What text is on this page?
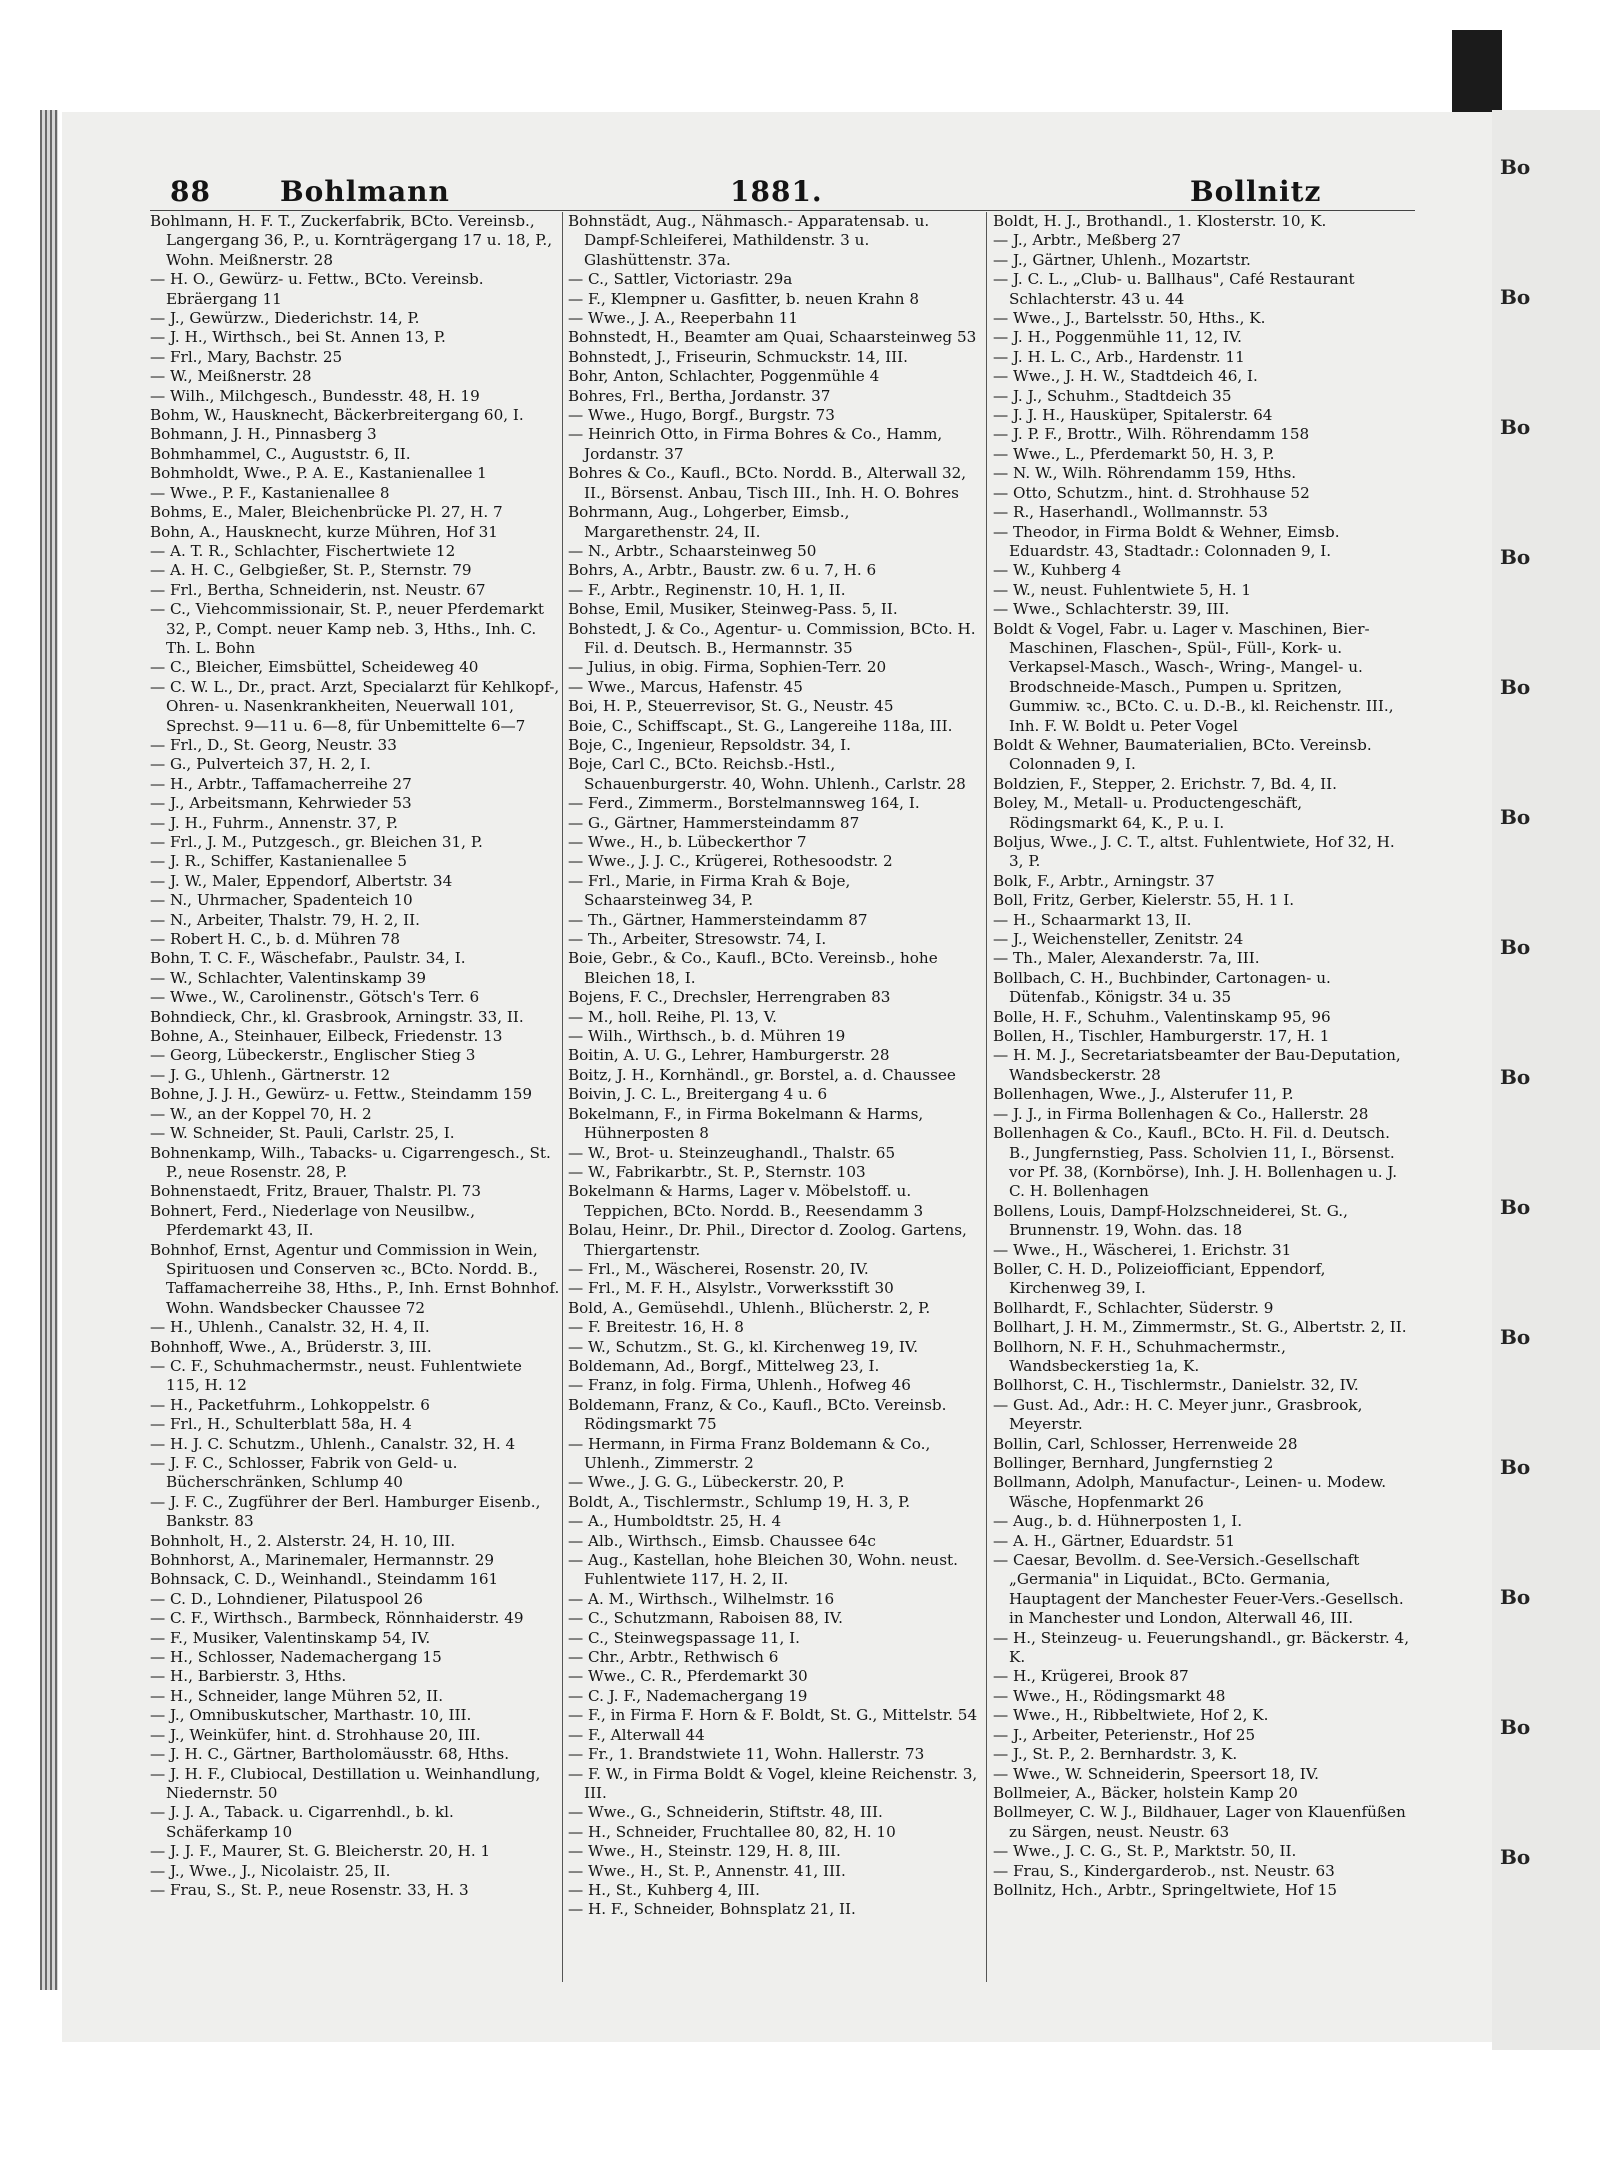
Bo
Bo
Bo
Bo
Bo
Bo
Bo
Bo
Bo
Bo
Bo
Bo
Bo
Bo
88 Bohlmann	1881.	Bollnitz
Bohlmann, H. F. T., Zuckerfabrik, BCto. Vereinsb., Langergang 36, P., u. Kornträgergang 17 u. 18, P., Wohn. Meißnerstr. 28
— H. O., Gewürz- u. Fettw., BCto. Vereinsb. Ebräergang 11
— J., Gewürzw., Diederichstr. 14, P.
— J. H., Wirthsch., bei St. Annen 13, P.
— Frl., Mary, Bachstr. 25
— W., Meißnerstr. 28
— Wilh., Milchgesch., Bundesstr. 48, H. 19
Bohm, W., Hausknecht, Bäckerbreitergang 60, I.
Bohmann, J. H., Pinnasberg 3
Bohmhammel, C., Auguststr. 6, II.
Bohmholdt, Wwe., P. A. E., Kastanienallee 1
— Wwe., P. F., Kastanienallee 8
Bohms, E., Maler, Bleichenbrücke Pl. 27, H. 7
Bohn, A., Hausknecht, kurze Mühren, Hof 31
— A. T. R., Schlachter, Fischertwiete 12
— A. H. C., Gelbgießer, St. P., Sternstr. 79
— Frl., Bertha, Schneiderin, nst. Neustr. 67
— C., Viehcommissionair, St. P., neuer Pferdemarkt 32, P., Compt. neuer Kamp neb. 3, Hths., Inh. C. Th. L. Bohn
— C., Bleicher, Eimsbüttel, Scheideweg 40
— C. W. L., Dr., pract. Arzt, Specialarzt für Kehlkopf-, Ohren- u. Nasenkrankheiten, Neuerwall 101, Sprechst. 9—11 u. 6—8, für Unbemittelte 6—7
— Frl., D., St. Georg, Neustr. 33
— G., Pulverteich 37, H. 2, I.
— H., Arbtr., Taffamacherreihe 27
— J., Arbeitsmann, Kehrwieder 53
— J. H., Fuhrm., Annenstr. 37, P.
— Frl., J. M., Putzgesch., gr. Bleichen 31, P.
— J. R., Schiffer, Kastanienallee 5
— J. W., Maler, Eppendorf, Albertstr. 34
— N., Uhrmacher, Spadenteich 10
— N., Arbeiter, Thalstr. 79, H. 2, II.
— Robert H. C., b. d. Mühren 78
Bohn, T. C. F., Wäschefabr., Paulstr. 34, I.
— W., Schlachter, Valentinskamp 39
— Wwe., W., Carolinenstr., Götsch's Terr. 6
Bohndieck, Chr., kl. Grasbrook, Arningstr. 33, II.
Bohne, A., Steinhauer, Eilbeck, Friedenstr. 13
— Georg, Lübeckerstr., Englischer Stieg 3
— J. G., Uhlenh., Gärtnerstr. 12
Bohne, J. J. H., Gewürz- u. Fettw., Steindamm 159
— W., an der Koppel 70, H. 2
— W. Schneider, St. Pauli, Carlstr. 25, I.
Bohnenkamp, Wilh., Tabacks- u. Cigarrengesch., St. P., neue Rosenstr. 28, P.
Bohnenstaedt, Fritz, Brauer, Thalstr. Pl. 73
Bohnert, Ferd., Niederlage von Neusilbw., Pferdemarkt 43, II.
Bohnhof, Ernst, Agentur und Commission in Wein, Spirituosen und Conserven ꝛc., BCto. Nordd. B., Taffamacherreihe 38, Hths., P., Inh. Ernst Bohnhof. Wohn. Wandsbecker Chaussee 72
— H., Uhlenh., Canalstr. 32, H. 4, II.
Bohnhoff, Wwe., A., Brüderstr. 3, III.
— C. F., Schuhmachermstr., neust. Fuhlentwiete 115, H. 12
— H., Packetfuhrm., Lohkoppelstr. 6
— Frl., H., Schulterblatt 58a, H. 4
— H. J. C. Schutzm., Uhlenh., Canalstr. 32, H. 4
— J. F. C., Schlosser, Fabrik von Geld- u. Bücherschränken, Schlump 40
— J. F. C., Zugführer der Berl. Hamburger Eisenb., Bankstr. 83
Bohnholt, H., 2. Alsterstr. 24, H. 10, III.
Bohnhorst, A., Marinemaler, Hermannstr. 29
Bohnsack, C. D., Weinhandl., Steindamm 161
— C. D., Lohndiener, Pilatuspool 26
— C. F., Wirthsch., Barmbeck, Rönnhaiderstr. 49
— F., Musiker, Valentinskamp 54, IV.
— H., Schlosser, Nademachergang 15
— H., Barbierstr. 3, Hths.
— H., Schneider, lange Mühren 52, II.
— J., Omnibuskutscher, Marthastr. 10, III.
— J., Weinküfer, hint. d. Strohhause 20, III.
— J. H. C., Gärtner, Bartholomäusstr. 68, Hths.
— J. H. F., Clubiocal, Destillation u. Weinhandlung, Niedernstr. 50
— J. J. A., Taback. u. Cigarrenhdl., b. kl. Schäferkamp 10
— J. J. F., Maurer, St. G. Bleicherstr. 20, H. 1
— J., Wwe., J., Nicolaistr. 25, II.
— Frau, S., St. P., neue Rosenstr. 33, H. 3
Bohnstädt, Aug., Nähmasch.- Apparatensab. u. Dampf-Schleiferei, Mathildenstr. 3 u. Glashüttenstr. 37a.
— C., Sattler, Victoriastr. 29a
— F., Klempner u. Gasfitter, b. neuen Krahn 8
— Wwe., J. A., Reeperbahn 11
Bohnstedt, H., Beamter am Quai, Schaarsteinweg 53
Bohnstedt, J., Friseurin, Schmuckstr. 14, III.
Bohr, Anton, Schlachter, Poggenmühle 4
Bohres, Frl., Bertha, Jordanstr. 37
— Wwe., Hugo, Borgf., Burgstr. 73
— Heinrich Otto, in Firma Bohres & Co., Hamm, Jordanstr. 37
Bohres & Co., Kaufl., BCto. Nordd. B., Alterwall 32, II., Börsenst. Anbau, Tisch III., Inh. H. O. Bohres
Bohrmann, Aug., Lohgerber, Eimsb., Margarethenstr. 24, II.
— N., Arbtr., Schaarsteinweg 50
Bohrs, A., Arbtr., Baustr. zw. 6 u. 7, H. 6
— F., Arbtr., Reginenstr. 10, H. 1, II.
Bohse, Emil, Musiker, Steinweg-Pass. 5, II.
Bohstedt, J. & Co., Agentur- u. Commission, BCto. H. Fil. d. Deutsch. B., Hermannstr. 35
— Julius, in obig. Firma, Sophien-Terr. 20
— Wwe., Marcus, Hafenstr. 45
Boi, H. P., Steuerrevisor, St. G., Neustr. 45
Boie, C., Schiffscapt., St. G., Langereihe 118a, III.
Boje, C., Ingenieur, Repsoldstr. 34, I.
Boje, Carl C., BCto. Reichsb.-Hstl., Schauenburgerstr. 40, Wohn. Uhlenh., Carlstr. 28
— Ferd., Zimmerm., Borstelmannsweg 164, I.
— G., Gärtner, Hammersteindamm 87
— Wwe., H., b. Lübeckerthor 7
— Wwe., J. J. C., Krügerei, Rothesoodstr. 2
— Frl., Marie, in Firma Krah & Boje, Schaarsteinweg 34, P.
— Th., Gärtner, Hammersteindamm 87
— Th., Arbeiter, Stresowstr. 74, I.
Boie, Gebr., & Co., Kaufl., BCto. Vereinsb., hohe Bleichen 18, I.
Bojens, F. C., Drechsler, Herrengraben 83
— M., holl. Reihe, Pl. 13, V.
— Wilh., Wirthsch., b. d. Mühren 19
Boitin, A. U. G., Lehrer, Hamburgerstr. 28
Boitz, J. H., Kornhändl., gr. Borstel, a. d. Chaussee
Boivin, J. C. L., Breitergang 4 u. 6
Bokelmann, F., in Firma Bokelmann & Harms, Hühnerposten 8
— W., Brot- u. Steinzeughandl., Thalstr. 65
— W., Fabrikarbtr., St. P., Sternstr. 103
Bokelmann & Harms, Lager v. Möbelstoff. u. Teppichen, BCto. Nordd. B., Reesendamm 3
Bolau, Heinr., Dr. Phil., Director d. Zoolog. Gartens, Thiergartenstr.
— Frl., M., Wäscherei, Rosenstr. 20, IV.
— Frl., M. F. H., Alsylstr., Vorwerksstift 30
Bold, A., Gemüsehdl., Uhlenh., Blücherstr. 2, P.
— F. Breitestr. 16, H. 8
— W., Schutzm., St. G., kl. Kirchenweg 19, IV.
Boldemann, Ad., Borgf., Mittelweg 23, I.
— Franz, in folg. Firma, Uhlenh., Hofweg 46
Boldemann, Franz, & Co., Kaufl., BCto. Vereinsb. Rödingsmarkt 75
— Hermann, in Firma Franz Boldemann & Co., Uhlenh., Zimmerstr. 2
— Wwe., J. G. G., Lübeckerstr. 20, P.
Boldt, A., Tischlermstr., Schlump 19, H. 3, P.
— A., Humboldtstr. 25, H. 4
— Alb., Wirthsch., Eimsb. Chaussee 64c
— Aug., Kastellan, hohe Bleichen 30, Wohn. neust. Fuhlentwiete 117, H. 2, II.
— A. M., Wirthsch., Wilhelmstr. 16
— C., Schutzmann, Raboisen 88, IV.
— C., Steinwegspassage 11, I.
— Chr., Arbtr., Rethwisch 6
— Wwe., C. R., Pferdemarkt 30
— C. J. F., Nademachergang 19
— F., in Firma F. Horn & F. Boldt, St. G., Mittelstr. 54
— F., Alterwall 44
— Fr., 1. Brandstwiete 11, Wohn. Hallerstr. 73
— F. W., in Firma Boldt & Vogel, kleine Reichenstr. 3, III.
— Wwe., G., Schneiderin, Stiftstr. 48, III.
— H., Schneider, Fruchtallee 80, 82, H. 10
— Wwe., H., Steinstr. 129, H. 8, III.
— Wwe., H., St. P., Annenstr. 41, III.
— H., St., Kuhberg 4, III.
— H. F., Schneider, Bohnsplatz 21, II.
Boldt, H. J., Brothandl., 1. Klosterstr. 10, K.
— J., Arbtr., Meßberg 27
— J., Gärtner, Uhlenh., Mozartstr.
— J. C. L., „Club- u. Ballhaus", Café Restaurant Schlachterstr. 43 u. 44
— Wwe., J., Bartelsstr. 50, Hths., K.
— J. H., Poggenmühle 11, 12, IV.
— J. H. L. C., Arb., Hardenstr. 11
— Wwe., J. H. W., Stadtdeich 46, I.
— J. J., Schuhm., Stadtdeich 35
— J. J. H., Hausküper, Spitalerstr. 64
— J. P. F., Brottr., Wilh. Röhrendamm 158
— Wwe., L., Pferdemarkt 50, H. 3, P.
— N. W., Wilh. Röhrendamm 159, Hths.
— Otto, Schutzm., hint. d. Strohhause 52
— R., Haserhandl., Wollmannstr. 53
— Theodor, in Firma Boldt & Wehner, Eimsb. Eduardstr. 43, Stadtadr.: Colonnaden 9, I.
— W., Kuhberg 4
— W., neust. Fuhlentwiete 5, H. 1
— Wwe., Schlachterstr. 39, III.
Boldt & Vogel, Fabr. u. Lager v. Maschinen, Bier-Maschinen, Flaschen-, Spül-, Füll-, Kork- u. Verkapsel-Masch., Wasch-, Wring-, Mangel- u. Brodschneide-Masch., Pumpen u. Spritzen, Gummiw. ꝛc., BCto. C. u. D.-B., kl. Reichenstr. III., Inh. F. W. Boldt u. Peter Vogel
Boldt & Wehner, Baumaterialien, BCto. Vereinsb. Colonnaden 9, I.
Boldzien, F., Stepper, 2. Erichstr. 7, Bd. 4, II.
Boley, M., Metall- u. Productengeschäft, Rödingsmarkt 64, K., P. u. I.
Boljus, Wwe., J. C. T., altst. Fuhlentwiete, Hof 32, H. 3, P.
Bolk, F., Arbtr., Arningstr. 37
Boll, Fritz, Gerber, Kielerstr. 55, H. 1 I.
— H., Schaarmarkt 13, II.
— J., Weichensteller, Zenitstr. 24
— Th., Maler, Alexanderstr. 7a, III.
Bollbach, C. H., Buchbinder, Cartonagen- u. Dütenfab., Königstr. 34 u. 35
Bolle, H. F., Schuhm., Valentinskamp 95, 96
Bollen, H., Tischler, Hamburgerstr. 17, H. 1
— H. M. J., Secretariatsbeamter der Bau-Deputation, Wandsbeckerstr. 28
Bollenhagen, Wwe., J., Alsterufer 11, P.
— J. J., in Firma Bollenhagen & Co., Hallerstr. 28
Bollenhagen & Co., Kaufl., BCto. H. Fil. d. Deutsch. B., Jungfernstieg, Pass. Scholvien 11, I., Börsenst. vor Pf. 38, (Kornbörse), Inh. J. H. Bollenhagen u. J. C. H. Bollenhagen
Bollens, Louis, Dampf-Holzschneiderei, St. G., Brunnenstr. 19, Wohn. das. 18
— Wwe., H., Wäscherei, 1. Erichstr. 31
Boller, C. H. D., Polizeiofficiant, Eppendorf, Kirchenweg 39, I.
Bollhardt, F., Schlachter, Süderstr. 9
Bollhart, J. H. M., Zimmermstr., St. G., Albertstr. 2, II.
Bollhorn, N. F. H., Schuhmachermstr., Wandsbeckerstieg 1a, K.
Bollhorst, C. H., Tischlermstr., Danielstr. 32, IV.
— Gust. Ad., Adr.: H. C. Meyer junr., Grasbrook, Meyerstr.
Bollin, Carl, Schlosser, Herrenweide 28
Bollinger, Bernhard, Jungfernstieg 2
Bollmann, Adolph, Manufactur-, Leinen- u. Modew. Wäsche, Hopfenmarkt 26
— Aug., b. d. Hühnerposten 1, I.
— A. H., Gärtner, Eduardstr. 51
— Caesar, Bevollm. d. See-Versich.-Gesellschaft „Germania" in Liquidat., BCto. Germania, Hauptagent der Manchester Feuer-Vers.-Gesellsch. in Manchester und London, Alterwall 46, III.
— H., Steinzeug- u. Feuerungshandl., gr. Bäckerstr. 4, K.
— H., Krügerei, Brook 87
— Wwe., H., Rödingsmarkt 48
— Wwe., H., Ribbeltwiete, Hof 2, K.
— J., Arbeiter, Peterienstr., Hof 25
— J., St. P., 2. Bernhardstr. 3, K.
— Wwe., W. Schneiderin, Speersort 18, IV.
Bollmeier, A., Bäcker, holstein Kamp 20
Bollmeyer, C. W. J., Bildhauer, Lager von Klauenfüßen zu Särgen, neust. Neustr. 63
— Wwe., J. C. G., St. P., Marktstr. 50, II.
— Frau, S., Kindergarderob., nst. Neustr. 63
Bollnitz, Hch., Arbtr., Springeltwiete, Hof 15
